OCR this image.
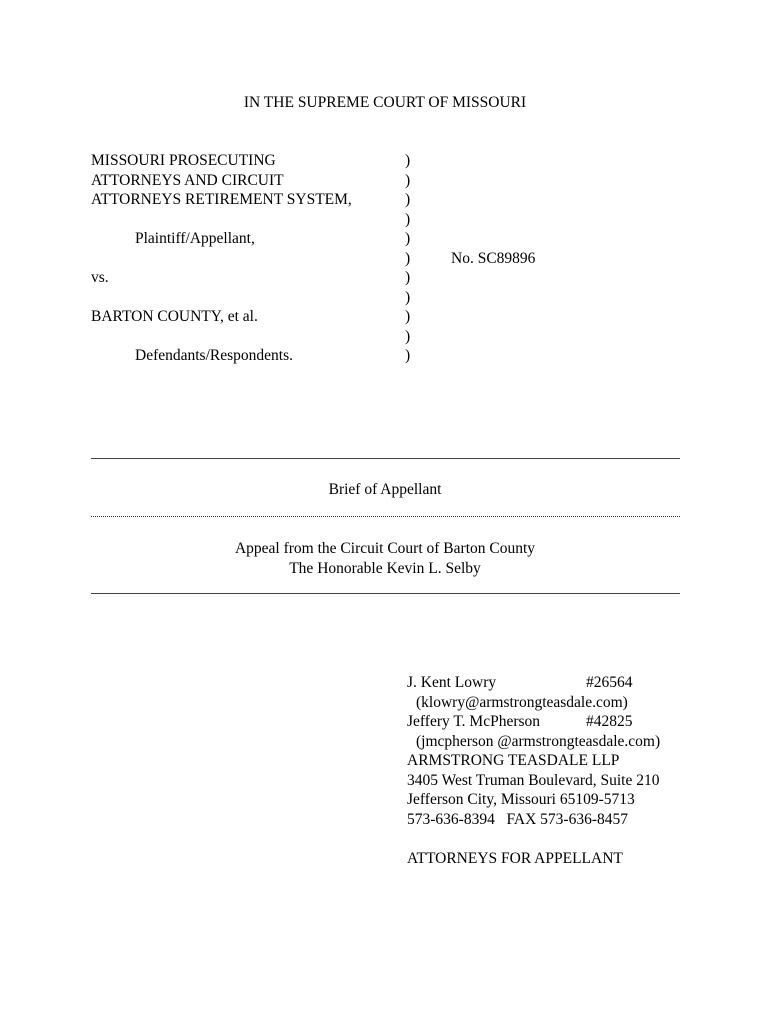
IN THE SUPREME COURT OF MISSOURI
MISSOURI PROSECUTING
ATTORNEYS AND CIRCUIT
ATTORNEYS RETIREMENT SYSTEM,
Plaintiff/Appellant,
vs.
BARTON COUNTY, et al.
Defendants/Respondents.
)
)
)
)
)
)
)
)
)
)
)
No. SC89896
Brief of Appellant
Appeal from the Circuit Court of Barton County
The Honorable Kevin L. Selby
J. Kent Lowry	#26564
(klowry@armstrongteasdale.com)
Jeffery T. McPherson	#42825
(jmcpherson @armstrongteasdale.com)
ARMSTRONG TEASDALE LLP
3405 West Truman Boulevard, Suite 210
Jefferson City, Missouri 65109-5713
573-636-8394   FAX 573-636-8457
ATTORNEYS FOR APPELLANT
